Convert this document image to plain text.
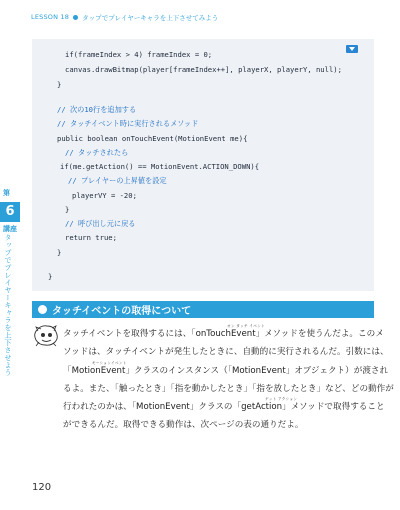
LESSON 18 タップでプレイヤーキャラを上下させてみよう
if(frameIndex > 4) frameIndex = 0;
canvas.drawBitmap(player[frameIndex++], playerX, playerY, null);
}
// 次の10行を追加する
// タッチイベント時に実行されるメソッド
public boolean onTouchEvent(MotionEvent me){
// タッチされたら
if(me.getAction() == MotionEvent.ACTION_DOWN){
// プレイヤーの上昇値を設定
playerVY = -20;
}
// 呼び出し元に戻る
return true;
}
}
第
6
講座
タップでプレイヤーキャラを上下させよう	タッチイベントの取得について
オン タッチ イベント
タッチイベントを取得するには、「onTouchEvent」メソッドを使うんだよ。このメ
ソッドは、タッチイベントが発生したときに、自動的に実行されるんだ。引数には、
モーションイベント
「MotionEvent」クラスのインスタンス（「MotionEvent」オブジェクト）が渡され
るよ。また、「触ったとき」「指を動かしたとき」「指を放したとき」など、どの動作が
ゲット アクション
行われたのかは、「MotionEvent」クラスの「getAction」メソッドで取得すること
ができるんだ。取得できる動作は、次ページの表の通りだよ。
120
